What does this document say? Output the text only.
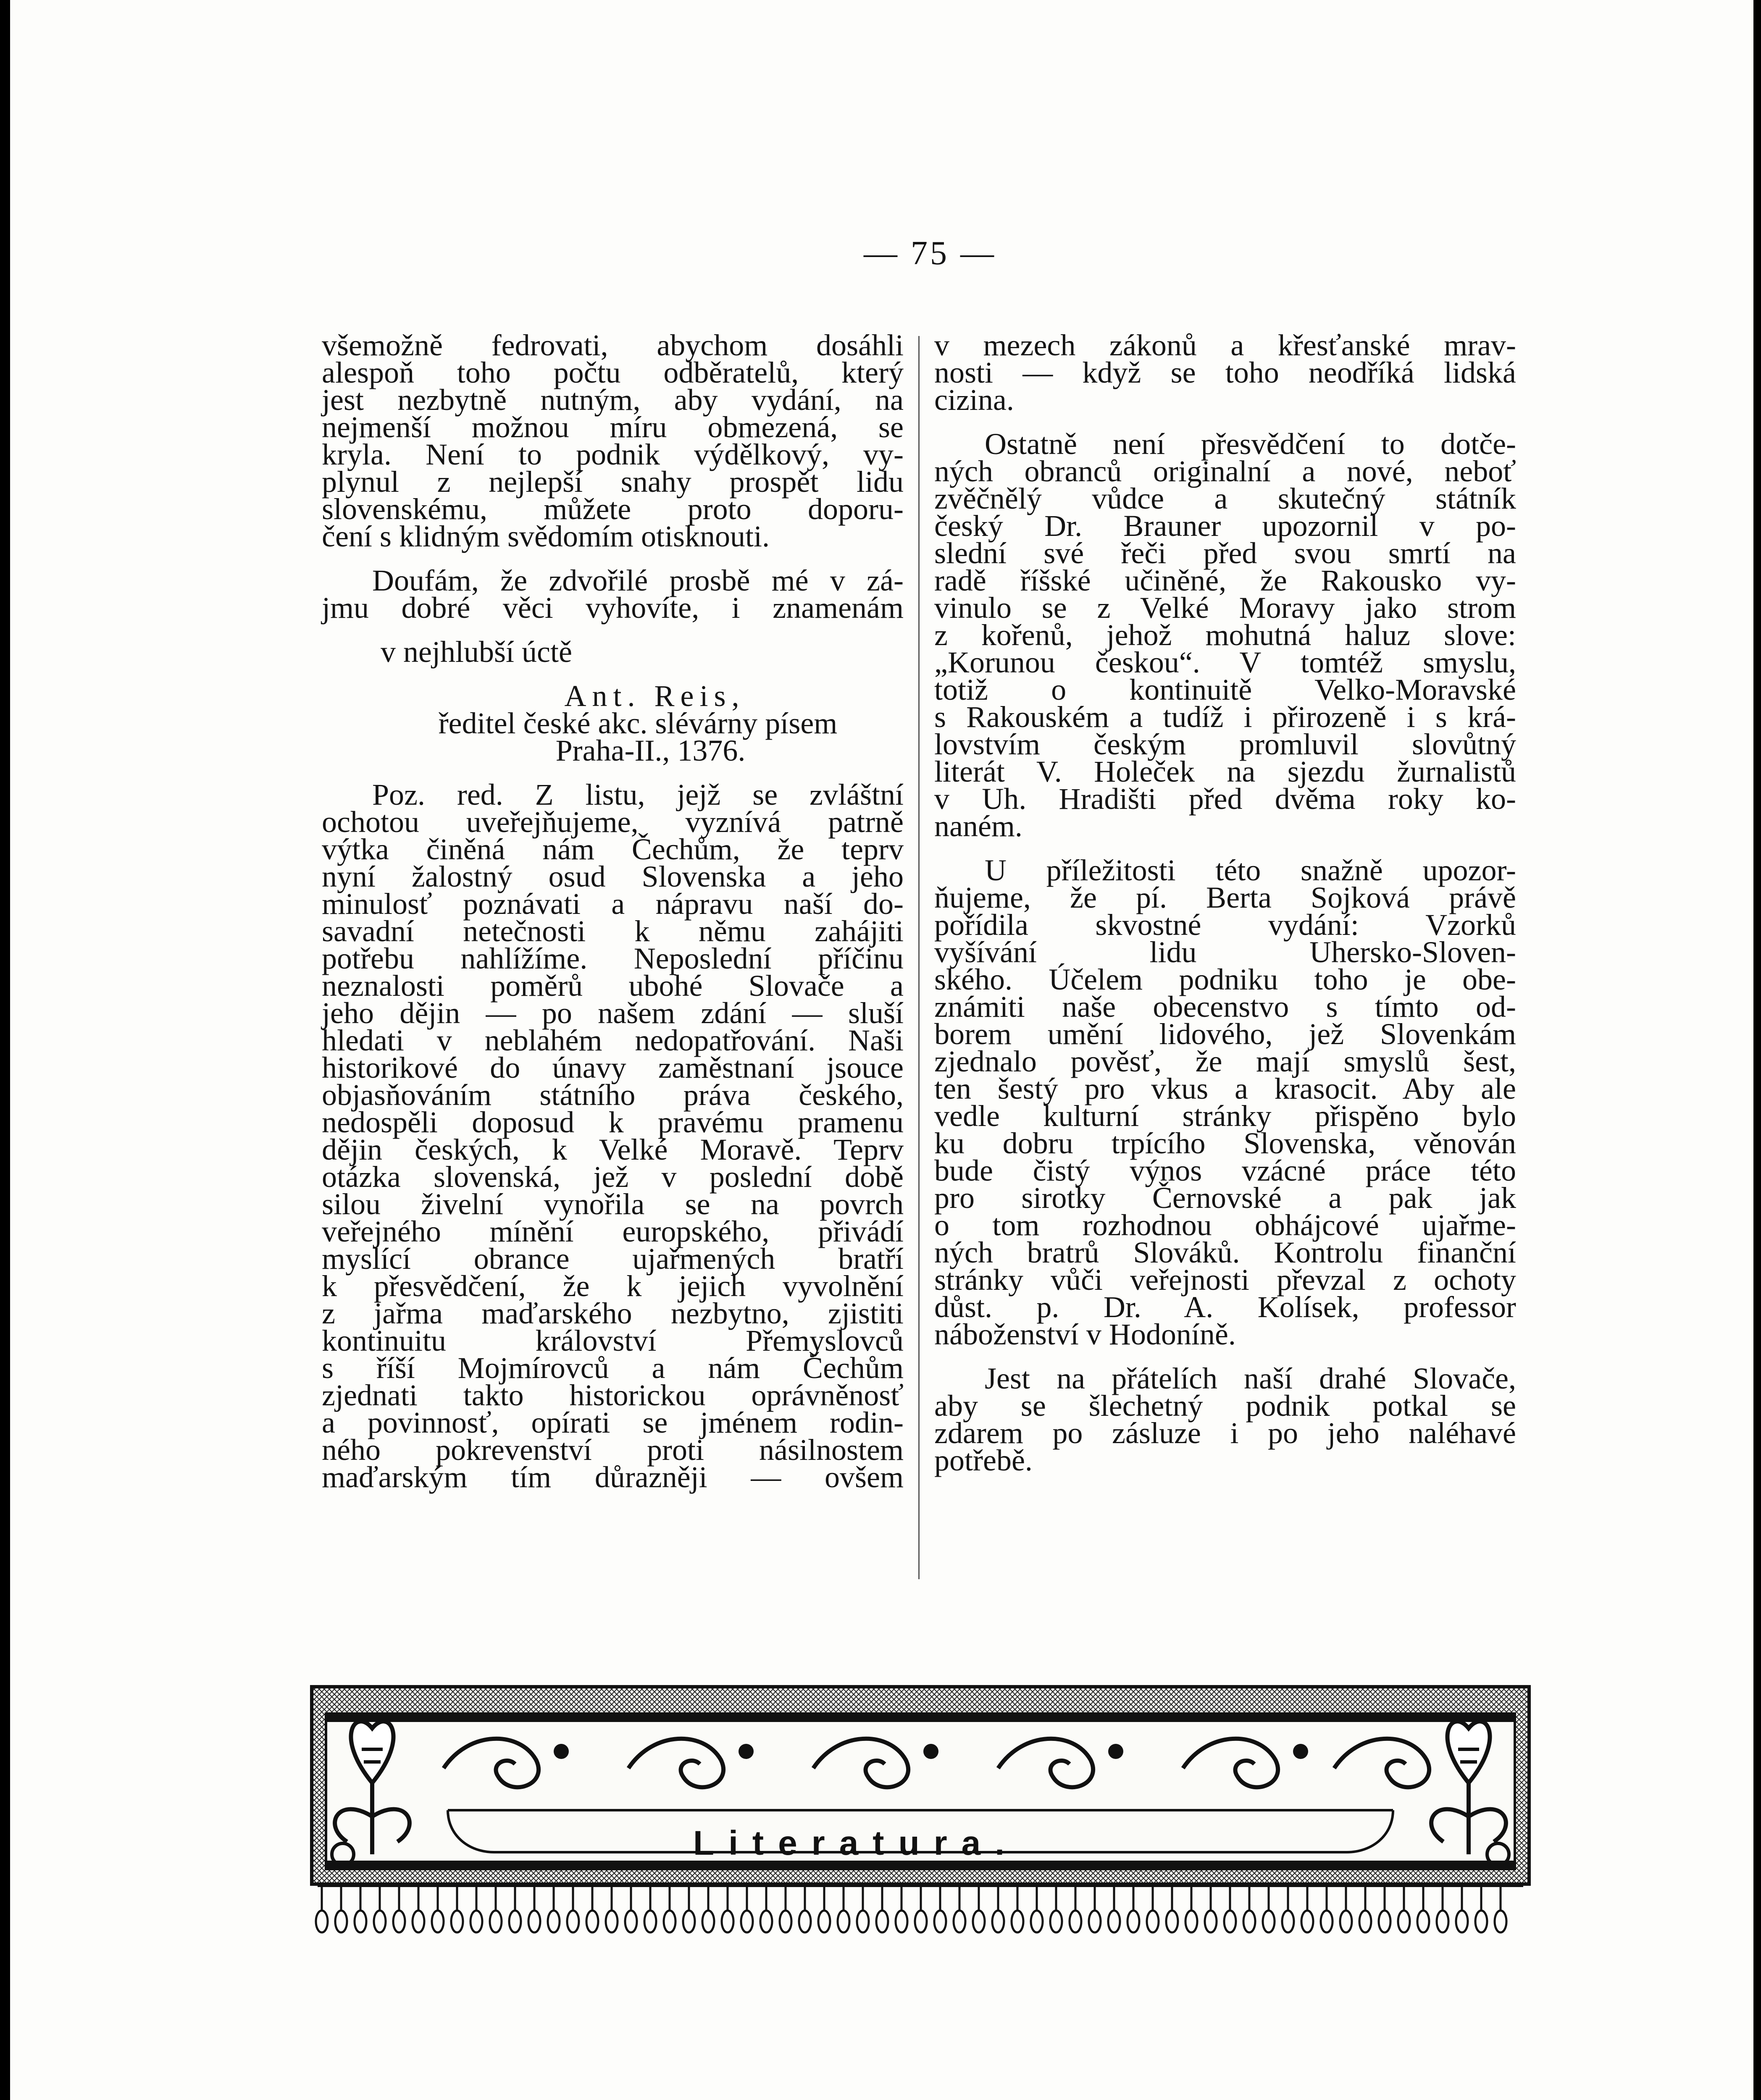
— 75 —
všemožně fedrovati, abychom dosáhli
alespoň toho počtu odběratelů, který
jest nezbytně nutným, aby vydání, na
nejmenší možnou míru obmezená, se
kryla. Není to podnik výdělkový, vy-
plynul z nejlepší snahy prospět lidu
slovenskému, můžete proto doporu-
čení s klidným svědomím otisknouti.
Doufám, že zdvořilé prosbě mé v zá-
jmu dobré věci vyhovíte, i znamenám
v nejhlubší úctě
Ant. Reis,
ředitel české akc. slévárny písem
Praha-II., 1376.
Poz. red. Z listu, jejž se zvláštní
ochotou uveřejňujeme, vyznívá patrně
výtka činěná nám Čechům, že teprv
nyní žalostný osud Slovenska a jeho
minulosť poznávati a nápravu naší do-
savadní netečnosti k němu zahájiti
potřebu nahlížíme. Neposlední příčinu
neznalosti poměrů ubohé Slovače a
jeho dějin — po našem zdání — sluší
hledati v neblahém nedopatřování. Naši
historikové do únavy zaměstnaní jsouce
objasňováním státního práva českého,
nedospěli doposud k pravému pramenu
dějin českých, k Velké Moravě. Teprv
otázka slovenská, jež v poslední době
silou živelní vynořila se na povrch
veřejného mínění europského, přivádí
myslící obrance ujařmených bratří
k přesvědčení, že k jejich vyvolnění
z jařma maďarského nezbytno, zjistiti
kontinuitu království Přemyslovců
s říší Mojmírovců a nám Čechům
zjednati takto historickou oprávněnosť
a povinnosť, opírati se jménem rodin-
ného pokrevenství proti násilnostem
maďarským tím důrazněji — ovšem
v mezech zákonů a křesťanské mrav-
nosti — když se toho neodříká lidská
cizina.
Ostatně není přesvědčení to dotče-
ných obranců originalní a nové, neboť
zvěčnělý vůdce a skutečný státník
český Dr. Brauner upozornil v po-
slední své řeči před svou smrtí na
radě říšské učiněné, že Rakousko vy-
vinulo se z Velké Moravy jako strom
z kořenů, jehož mohutná haluz slove:
„Korunou českou“. V tomtéž smyslu,
totiž o kontinuitě Velko-Moravské
s Rakouském a tudíž i přirozeně i s krá-
lovstvím českým promluvil slovůtný
literát V. Holeček na sjezdu žurnalistů
v Uh. Hradišti před dvěma roky ko-
naném.
U příležitosti této snažně upozor-
ňujeme, že pí. Berta Sojková právě
pořídila skvostné vydání: Vzorků
vyšívání lidu Uhersko-Sloven-
ského. Účelem podniku toho je obe-
známiti naše obecenstvo s tímto od-
borem umění lidového, jež Slovenkám
zjednalo pověsť, že mají smyslů šest,
ten šestý pro vkus a krasocit. Aby ale
vedle kulturní stránky přispěno bylo
ku dobru trpícího Slovenska, věnován
bude čistý výnos vzácné práce této
pro sirotky Černovské a pak jak
o tom rozhodnou obhájcové ujařme-
ných bratrů Slováků. Kontrolu finanční
stránky vůči veřejnosti převzal z ochoty
důst. p. Dr. A. Kolísek, professor
náboženství v Hodoníně.
Jest na přátelích naší drahé Slovače,
aby se šlechetný podnik potkal se
zdarem po zásluze i po jeho naléhavé
potřebě.
Literatura.
